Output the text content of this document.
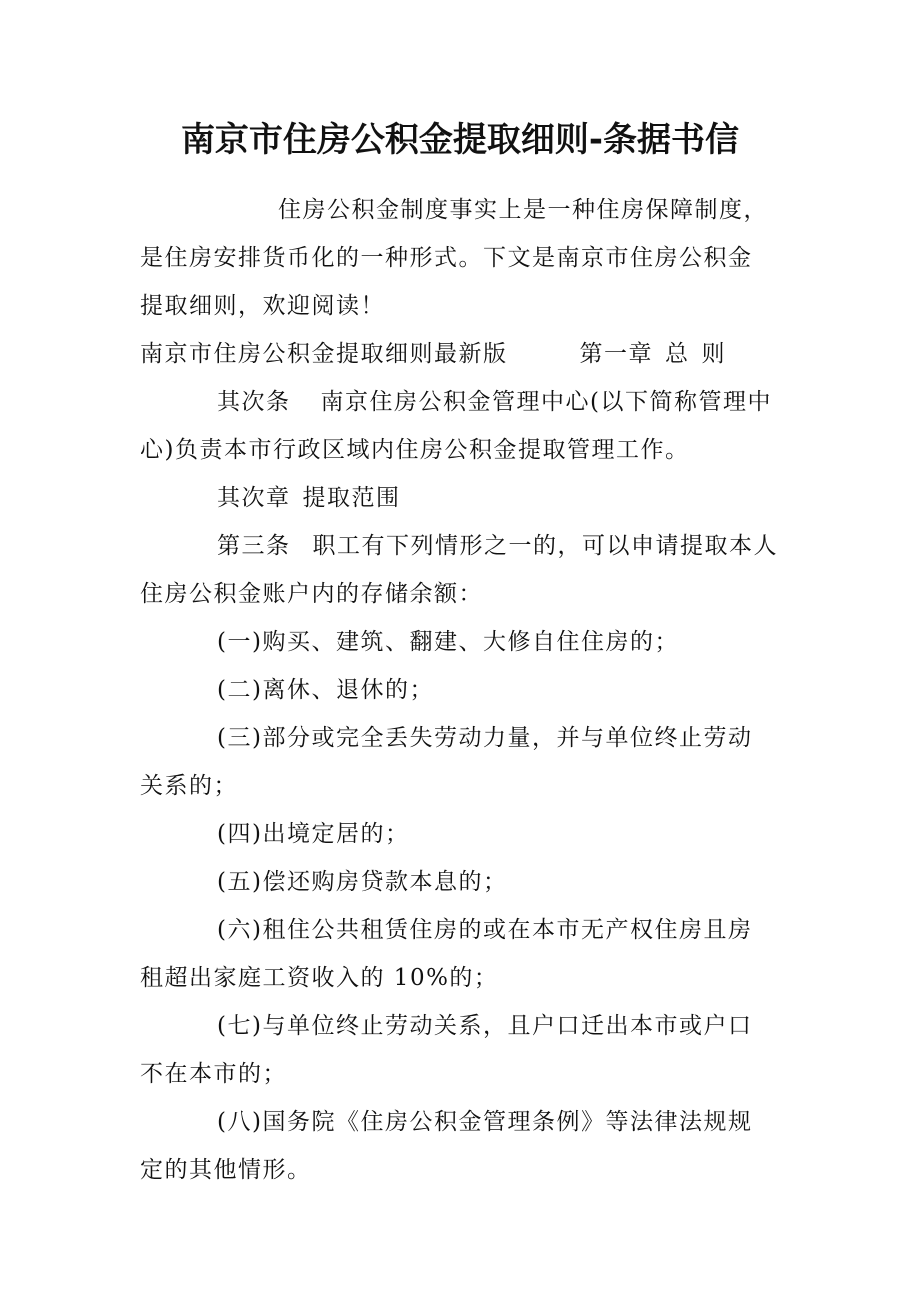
南京市住房公积金提取细则-条据书信
住房公积金制度事实上是一种住房保障制度，
是住房安排货币化的一种形式。下文是南京市住房公积金
提取细则，欢迎阅读！
南京市住房公积金提取细则最新版	第一章 总 则
其次条 南京住房公积金管理中心(以下简称管理中
心)负责本市行政区域内住房公积金提取管理工作。
其次章 提取范围
第三条 职工有下列情形之一的，可以申请提取本人
住房公积金账户内的存储余额：
(一)购买、建筑、翻建、大修自住住房的；
(二)离休、退休的；
(三)部分或完全丢失劳动力量，并与单位终止劳动
关系的；
(四)出境定居的；
(五)偿还购房贷款本息的；
(六)租住公共租赁住房的或在本市无产权住房且房
租超出家庭工资收入的 10%的；
(七)与单位终止劳动关系，且户口迁出本市或户口
不在本市的；
(八)国务院《住房公积金管理条例》等法律法规规
定的其他情形。
